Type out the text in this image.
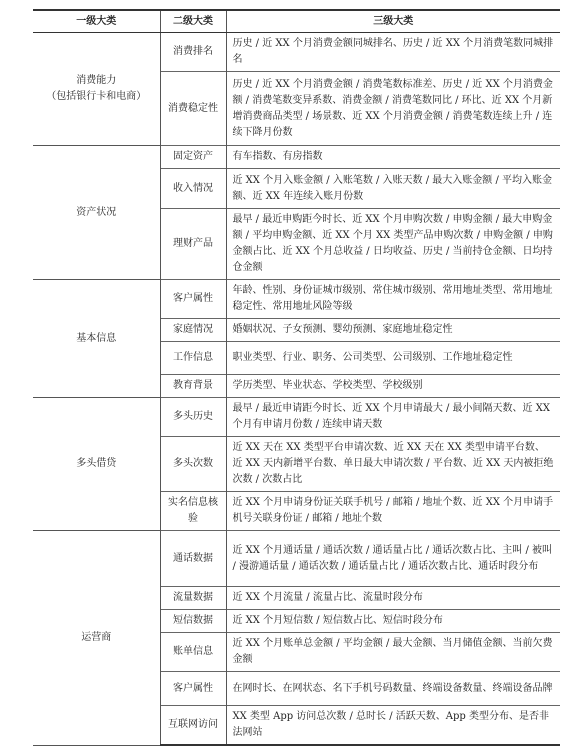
一级大类	二级大类	三级大类
消费能力
（包括银行卡和电商）	消费排名	历史 / 近 XX 个月消费金额同城排名、历史 / 近 XX 个月消费笔数同城排名
	消费稳定性	历史 / 近 XX 个月消费金额 / 消费笔数标准差、历史 / 近 XX 个月消费金额 / 消费笔数变异系数、消费金额 / 消费笔数同比 / 环比、近 XX 个月新增消费商品类型 / 场景数、近 XX 个月消费金额 / 消费笔数连续上升 / 连续下降月份数
资产状况	固定资产	有车指数、有房指数
	收入情况	近 XX 个月入账金额 / 入账笔数 / 入账天数 / 最大入账金额 / 平均入账金额、近 XX 年连续入账月份数
	理财产品	最早 / 最近申购距今时长、近 XX 个月申购次数 / 申购金额 / 最大申购金额 / 平均申购金额、近 XX 个月 XX 类型产品申购次数 / 申购金额 / 申购金额占比、近 XX 个月总收益 / 日均收益、历史 / 当前持仓金额、日均持仓金额
基本信息	客户属性	年龄、性别、身份证城市级别、常住城市级别、常用地址类型、常用地址稳定性、常用地址风险等级
	家庭情况	婚姻状况、子女预测、婴幼预测、家庭地址稳定性
	工作信息	职业类型、行业、职务、公司类型、公司级别、工作地址稳定性
	教育背景	学历类型、毕业状态、学校类型、学校级别
多头借贷	多头历史	最早 / 最近申请距今时长、近 XX 个月申请最大 / 最小间隔天数、近 XX 个月有申请月份数 / 连续申请天数
	多头次数	近 XX 天在 XX 类型平台申请次数、近 XX 天在 XX 类型申请平台数、近 XX 天内新增平台数、单日最大申请次数 / 平台数、近 XX 天内被拒绝次数 / 次数占比
	实名信息核验	近 XX 个月申请身份证关联手机号 / 邮箱 / 地址个数、近 XX 个月申请手机号关联身份证 / 邮箱 / 地址个数
运营商	通话数据	近 XX 个月通话量 / 通话次数 / 通话量占比 / 通话次数占比、主叫 / 被叫 / 漫游通话量 / 通话次数 / 通话量占比 / 通话次数占比、通话时段分布
	流量数据	近 XX 个月流量 / 流量占比、流量时段分布
	短信数据	近 XX 个月短信数 / 短信数占比、短信时段分布
	账单信息	近 XX 个月账单总金额 / 平均金额 / 最大金额、当月储值金额、当前欠费金额
	客户属性	在网时长、在网状态、名下手机号码数量、终端设备数量、终端设备品牌
	互联网访问	XX 类型 App 访问总次数 / 总时长 / 活跃天数、App 类型分布、是否非法网站
